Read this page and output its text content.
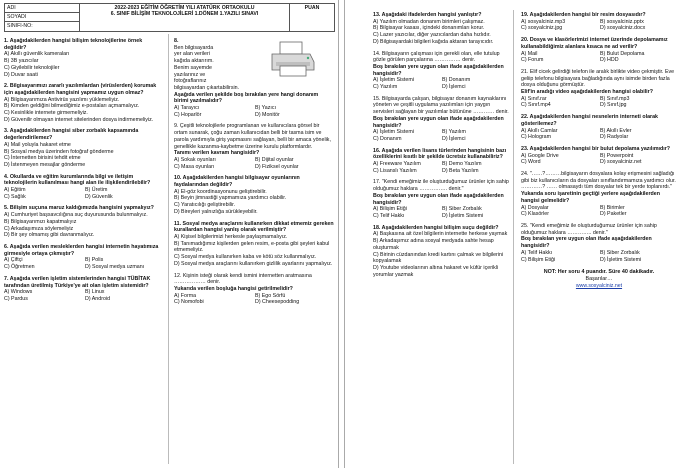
ADI	2022-2023 EĞİTİM ÖĞRETİM YILI ATATÜRK ORTAOKULU
6. SINIF BİLİŞİM TEKNOLOJİLERİ 1.DÖNEM 1.YAZILI SINAVI
	PUAN
SOYADI
SINIFI-NO:
1. Aşağıdakilerden hangisi bilişim teknolojilerine örnek değildir?
A) Akıllı güvenlik kameraları
B) 3B yazıcılar
C) Giyilebilir teknolojiler
D) Duvar saati
2. Bilgisayarımızı zararlı yazılımlardan (virüslerden) korumak için aşağıdakilerden hangisini yapmamız uygun olmaz?
A) Bilgisayarımıza Antivirüs yazılımı yüklemeliyiz.
B) Kimden geldiğini bilmediğimiz e-postaları açmamalıyız.
C) Kesinlikle internete girmemeliyiz.
D) Güvenilir olmayan internet sitelerinden dosya indirmemeliyiz.
3. Aşağıdakilerden hangisi siber zorbalık kapsamında değerlendirilemez?
A) Mail yoluyla hakaret etme
B) Sosyal medya üzerinden fotoğraf gönderme
C) İnternetten birisini tehdit etme
D) İstenmeyen mesajlar gönderme
4. Okullarda ve eğitim kurumlarında bilgi ve iletişim teknolojilerin kullanılması hangi alan ile ilişkilendirilebilir?
A) Eğitim	B) Üretim
C) Sağlık	D) Güvenlik
5. Bilişim suçuna maruz kaldığımızda hangisini yapmalıyız?
A) Cumhuriyet başsavcılığına suç duyurusunda bulunmalıyız.
B) Bilgisayarımızı kapatmalıyız
C) Arkadaşımıza söylemeliyiz
D) Bir şey olmamış gibi davranmalıyız.
6. Aşağıda verilen mesleklerden hangisi internetin hayatımıza girmesiyle ortaya çıkmıştır?
A) Çiftçi	B) Polis
C) Öğretmen	D) Sosyal medya uzmanı
7. Aşağıda verilen işletim sistemlerinden hangisi TÜBİTAK tarafından üretilmiş Türkiye'ye ait olan işletim sistemidir?
A) Windows	B) Linux
C) Pardus	D) Android
8.
Ben bilgisayarda
yer alan verileri
kağıda aktarırım.
Benim sayemde
yazılarınız ve
fotoğraflarınız
bilgisayardan çıkartabilirsin.
Aşağıda verilen şekilde boş bırakılan yere hangi donanım birimi yazılmalıdır?
A) Tarayıcı	B) Yazıcı
C) Hoparlör	D) Monitör
9. Çeşitli teknolojilerle programlanan ve kullanıcılara görsel bir ortam sunarak, çoğu zaman kullanıcıdan belli bir tasma isim ve parola yardımıyla giriş yapmasını sağlayan, belli bir amaca yönelik, genellikle kazanma-kaybetme üzerine kurulu platformlardır.
Tanımı verilen kavram hangisidir?
A) Sokak oyunları	B) Dijital oyunlar
C) Masa oyunları	D) Fiziksel oyunlar
10. Aşağıdakilerden hangisi bilgisayar oyunlarının faydalarından değildir?
A) El-göz koordinasyonunu geliştirebilir.
B) Beyin jimnastiği yapmamıza yardımcı olabilir.
C) Yaratıcılığı geliştirebilir.
D) Bireyleri yalnızlığa sürükleyebilir.
11. Sosyal medya araçlarını kullanırken dikkat etmemiz gereken kurallardan hangisi yanlış olarak verilmiştir?
A) Kişisel bilgilerimizi herkesle paylaşmamalıyız.
B) Tanımadığımız kişilerden gelen resim, e-posta gibi şeyleri kabul etmemeliyiz.
C) Sosyal medya kullanırken kaba ve kötü söz kullanmalıyız.
D) Sosyal medya araçlarını kullanırken gizlilik ayarlarını yapmalıyız.
12. Kişinin isteği olarak kendi ismini internetten aratmasına ……………… denir.
Yukarıda verilen boşluğa hangisi getirilmelidir?
A) Forma	B) Ego Sörfü
C) Nomofobi	D) Cheesepodding
13. Aşağıdaki ifadelerden hangisi yanlıştır?
A) Yazılım olmadan donanım birimleri çalışmaz.
B) Bilgisayar kasası, içindeki donanımları korur.
C) Lazer yazıcılar, diğer yazıcılardan daha hızlıdır.
D) Bilgisayardaki bilgileri kağıda aktaran tarayıcıdır.
14. Bilgisayarın çalışması için gerekli olan, elle tutulup gözle görülen parçalarına …………… denir.
Boş bırakılan yere uygun olan ifade aşağıdakilerden hangisidir?
A) İşletim Sistemi	B) Donanım
C) Yazılım	D) İşlemci
15. Bilgisayarda çalışan, bilgisayar donanım kaynaklarını yöneten ve çeşitli uygulama yazılımları için yaygın servisleri sağlayan bir yazılımlar bütününe ………… denir.
Boş bırakılan yere uygun olan ifade aşağıdakilerden hangisidir?
A) İşletim Sistemi	B) Yazılım
C) Donanım	D) İşlemci
16. Aşağıda verilen lisans türlerinden hangisinin bazı özelliklerini kısıtlı bir şekilde ücretsiz kullanabiliriz?
A) Freeware Yazılım	B) Demo Yazılım
C) Lisanslı Yazılım	D) Beta Yazılım
17. "Kendi emeğimiz ile oluşturduğumuz ürünler için sahip olduğumuz haklara ……………. denir."
Boş bırakılan yere uygun olan ifade aşağıdakilerden hangisidir?
A) Bilişim Etiği	B) Siber Zorbalık
C) Telif Hakkı	D) İşletim Sistemi
18. Aşağıdakilerden hangisi bilişim suçu değildir?
A) Başkasına ait özel bilgilerin internette herkese yaymak
B) Arkadaşımız adına sosyal medyada sahte hesap oluşturmak
C) Birinin cüzdanından kredi kartını çalmak ve bilgilerini kopyalamak
D) Youtube videolarının altına hakaret ve küfür içerikli yorumlar yazmak
19. Aşağıdakilerden hangisi bir resim dosyasıdır?
A) sosyalciniz.mp3	B) sosyalciniz.pptx
C) sosyalciniz.jpg	D) sosyalciniz.docx
20. Dosya ve klasörlerimizi internet üzerinde depolamamız kullanabildiğimiz alanlara kısaca ne ad verilir?
A) Mail	B) Bulut Depolama
C) Forum	D) HDD
21. Elif cicek gelirdiği telefon ile aralık birlikte video çekmiştir. Eve geliip telefonu bilgisayara bağladığında aynı isimde birden fazla dosya olduğunu görmüştür.
Elif'in aradığı video aşağıdakilerden hangisi olabilir?
A) Sınıf.rar	B) Sınıf.mp3
C) Sınıf.mp4	D) Sınıf.jpg
22. Aşağıdakilerden hangisi nesnelerin interneti olarak gösterilemez?
A) Akıllı Camlar	B) Akıllı Evler
C) Hologram	D) Radyolar
23. Aşağıdakilerden hangisi bir bulut depolama yazılımıdır?
A) Google Drive	B) Powerpoint
C) Word	D) sosyalciniz.net
24. "……?………bilgisayarın dosyalara kolay erişmesini sağladığı gibi biz kullanıcıların da dosyaları sınıflandırmamıza yardımcı olur. …………? …… olmasaydı tüm dosyalar tek bir yerde toplanırdı."
Yukarıda soru işaretinin geçtiği yerlere aşağıdakilerden hangisi gelmelidir?
A) Dosyalar	B) Birimler
C) Klasörler	D) Paketler
25. "Kendi emeğimiz ile oluşturduğumuz ürünler için sahip olduğumuz haklara ………….. denir."
Boş bırakılan yere uygun olan ifade aşağıdakilerden hangisidir?
A) Telif Hakkı	B) Siber Zorbalık
C) Bilişim Etiği	D) İşletim Sistemi
NOT: Her soru 4 puandır. Süre 40 dakikadır.
Başarılar…
www.sosyalciniz.net
